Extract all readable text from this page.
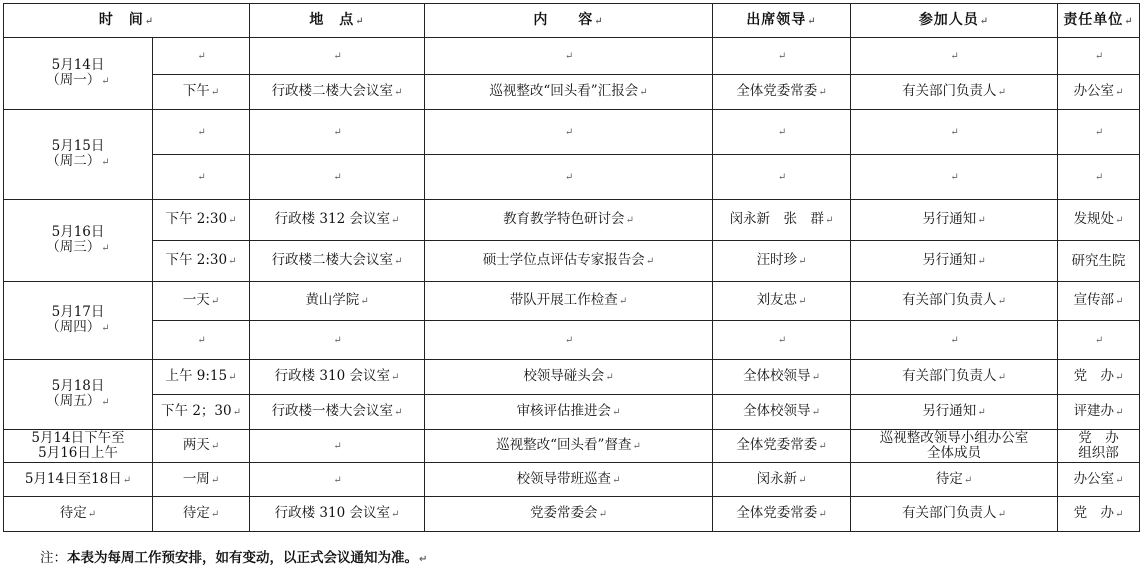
时　间↵		地　点↵	内　　容↵	出席领导↵	参加人员↵	责任单位↵

5月14日
（周一）↵	↵	↵	↵	↵	↵	↵
	下午↵	行政楼二楼大会议室↵	巡视整改“回头看”汇报会↵	全体党委常委↵	有关部门负责人↵	办公室↵

5月15日
（周二）↵	↵	↵	↵	↵	↵	↵
	↵	↵	↵	↵	↵	↵

5月16日
（周三）↵	下午 2:30↵	行政楼 312 会议室↵	教育教学特色研讨会↵	闵永新　张　群↵	另行通知↵	发规处↵
	下午 2:30↵	行政楼二楼大会议室↵	硕士学位点评估专家报告会↵	汪时珍↵	另行通知↵	研究生院

5月17日
（周四）↵	一天↵	黄山学院↵	带队开展工作检查↵	刘友忠↵	有关部门负责人↵	宣传部↵
	↵	↵	↵	↵	↵	↵

5月18日
（周五）↵	上午 9:15↵	行政楼 310 会议室↵	校领导碰头会↵	全体校领导↵	有关部门负责人↵	党　办↵
	下午 2；30↵	行政楼一楼大会议室↵	审核评估推进会↵	全体校领导↵	另行通知↵	评建办↵

5月14日下午至
5月16日上午	两天↵	↵	巡视整改“回头看”督查↵	全体党委常委↵	巡视整改领导小组办公室
全体成员	党　办
组织部

5月14日至18日↵	一周↵	↵	校领导带班巡查↵	闵永新↵	待定↵	办公室↵
待定↵	待定↵	行政楼 310 会议室↵	党委常委会↵	全体党委常委↵	有关部门负责人↵	党　办↵
注：本表为每周工作预安排，如有变动，以正式会议通知为准。↵
